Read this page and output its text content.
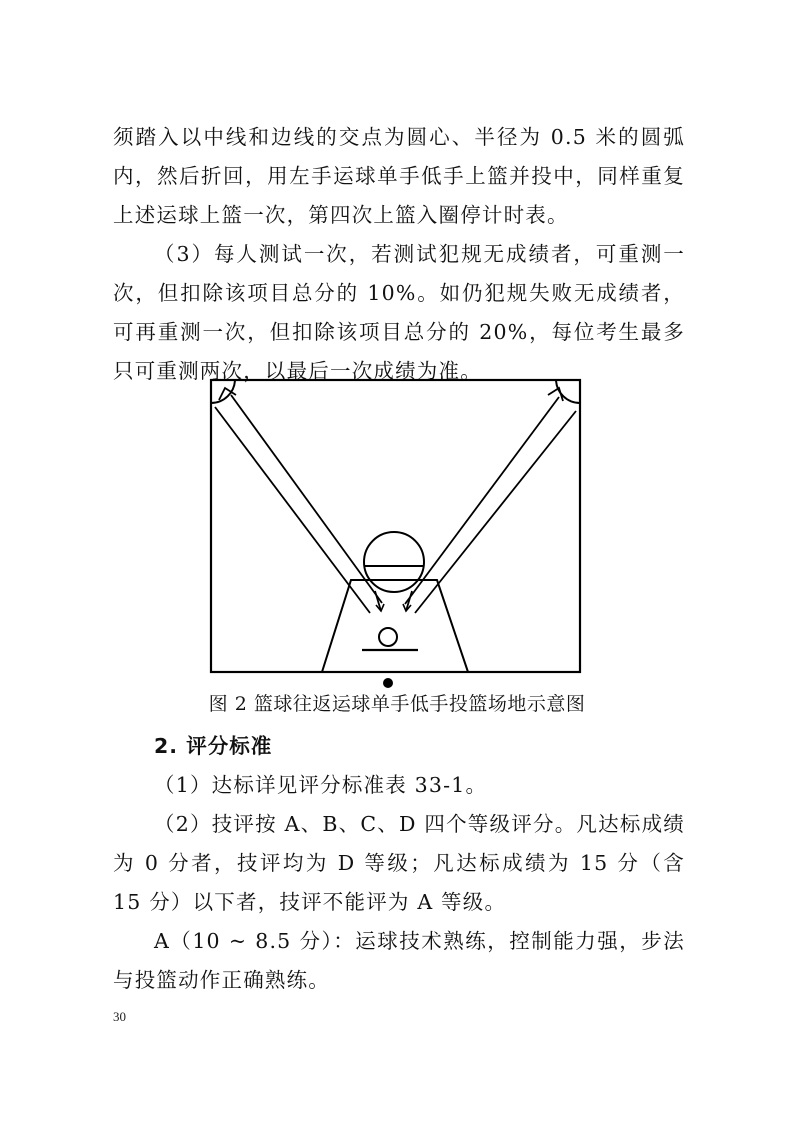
须踏入以中线和边线的交点为圆心、半径为 0.5 米的圆弧内，然后折回，用左手运球单手低手上篮并投中，同样重复上述运球上篮一次，第四次上篮入圈停计时表。

（3）每人测试一次，若测试犯规无成绩者，可重测一次，但扣除该项目总分的 10%。如仍犯规失败无成绩者，可再重测一次，但扣除该项目总分的 20%，每位考生最多只可重测两次，以最后一次成绩为准。

图 2 篮球往返运球单手低手投篮场地示意图

2. 评分标准

（1）达标详见评分标准表 33-1。

（2）技评按 A、B、C、D 四个等级评分。凡达标成绩为 0 分者，技评均为 D 等级；凡达标成绩为 15 分（含 15 分）以下者，技评不能评为 A 等级。

A（10 ~ 8.5 分）：运球技术熟练，控制能力强，步法与投篮动作正确熟练。

30
